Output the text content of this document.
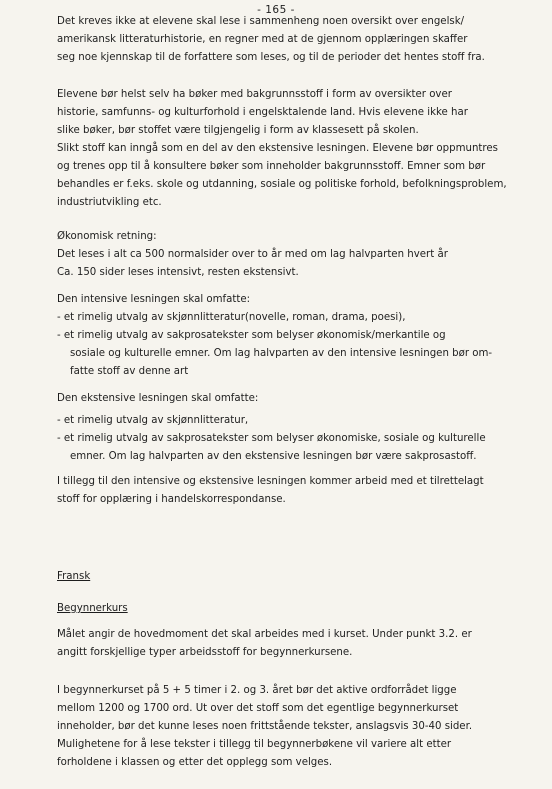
- 165 -
Det kreves ikke at elevene skal lese i sammenheng noen oversikt over engelsk/
amerikansk litteraturhistorie, en regner med at de gjennom opplæringen skaffer
seg noe kjennskap til de forfattere som leses, og til de perioder det hentes stoff fra.
Elevene bør helst selv ha bøker med bakgrunnsstoff i form av oversikter over
historie, samfunns- og kulturforhold i engelsktalende land. Hvis elevene ikke har
slike bøker, bør stoffet være tilgjengelig i form av klassesett på skolen.
Slikt stoff kan inngå som en del av den ekstensive lesningen. Elevene bør oppmuntres
og trenes opp til å konsultere bøker som inneholder bakgrunnsstoff. Emner som bør
behandles er f.eks. skole og utdanning, sosiale og politiske forhold, befolkningsproblem,
industriutvikling etc.
Økonomisk retning:
Det leses i alt ca 500 normalsider over to år med om lag halvparten hvert år
Ca. 150 sider leses intensivt, resten ekstensivt.
Den intensive lesningen skal omfatte:
- et rimelig utvalg av skjønnlitteratur(novelle, roman, drama, poesi),
- et rimelig utvalg av sakprosatekster som belyser økonomisk/merkantile og
sosiale og kulturelle emner. Om lag halvparten av den intensive lesningen bør om-
fatte stoff av denne art
Den ekstensive lesningen skal omfatte:
- et rimelig utvalg av skjønnlitteratur,
- et rimelig utvalg av sakprosatekster som belyser økonomiske, sosiale og kulturelle
emner. Om lag halvparten av den ekstensive lesningen bør være sakprosastoff.
I tillegg til den intensive og ekstensive lesningen kommer arbeid med et tilrettelagt
stoff for opplæring i handelskorrespondanse.
Fransk
Begynnerkurs
Målet angir de hovedmoment det skal arbeides med i kurset. Under punkt 3.2. er
angitt forskjellige typer arbeidsstoff for begynnerkursene.
I begynnerkurset på 5 + 5 timer i 2. og 3. året bør det aktive ordforrådet ligge
mellom 1200 og 1700 ord. Ut over det stoff som det egentlige begynnerkurset
inneholder, bør det kunne leses noen frittstående tekster, anslagsvis 30-40 sider.
Mulighetene for å lese tekster i tillegg til begynnerbøkene vil variere alt etter
forholdene i klassen og etter det opplegg som velges.
